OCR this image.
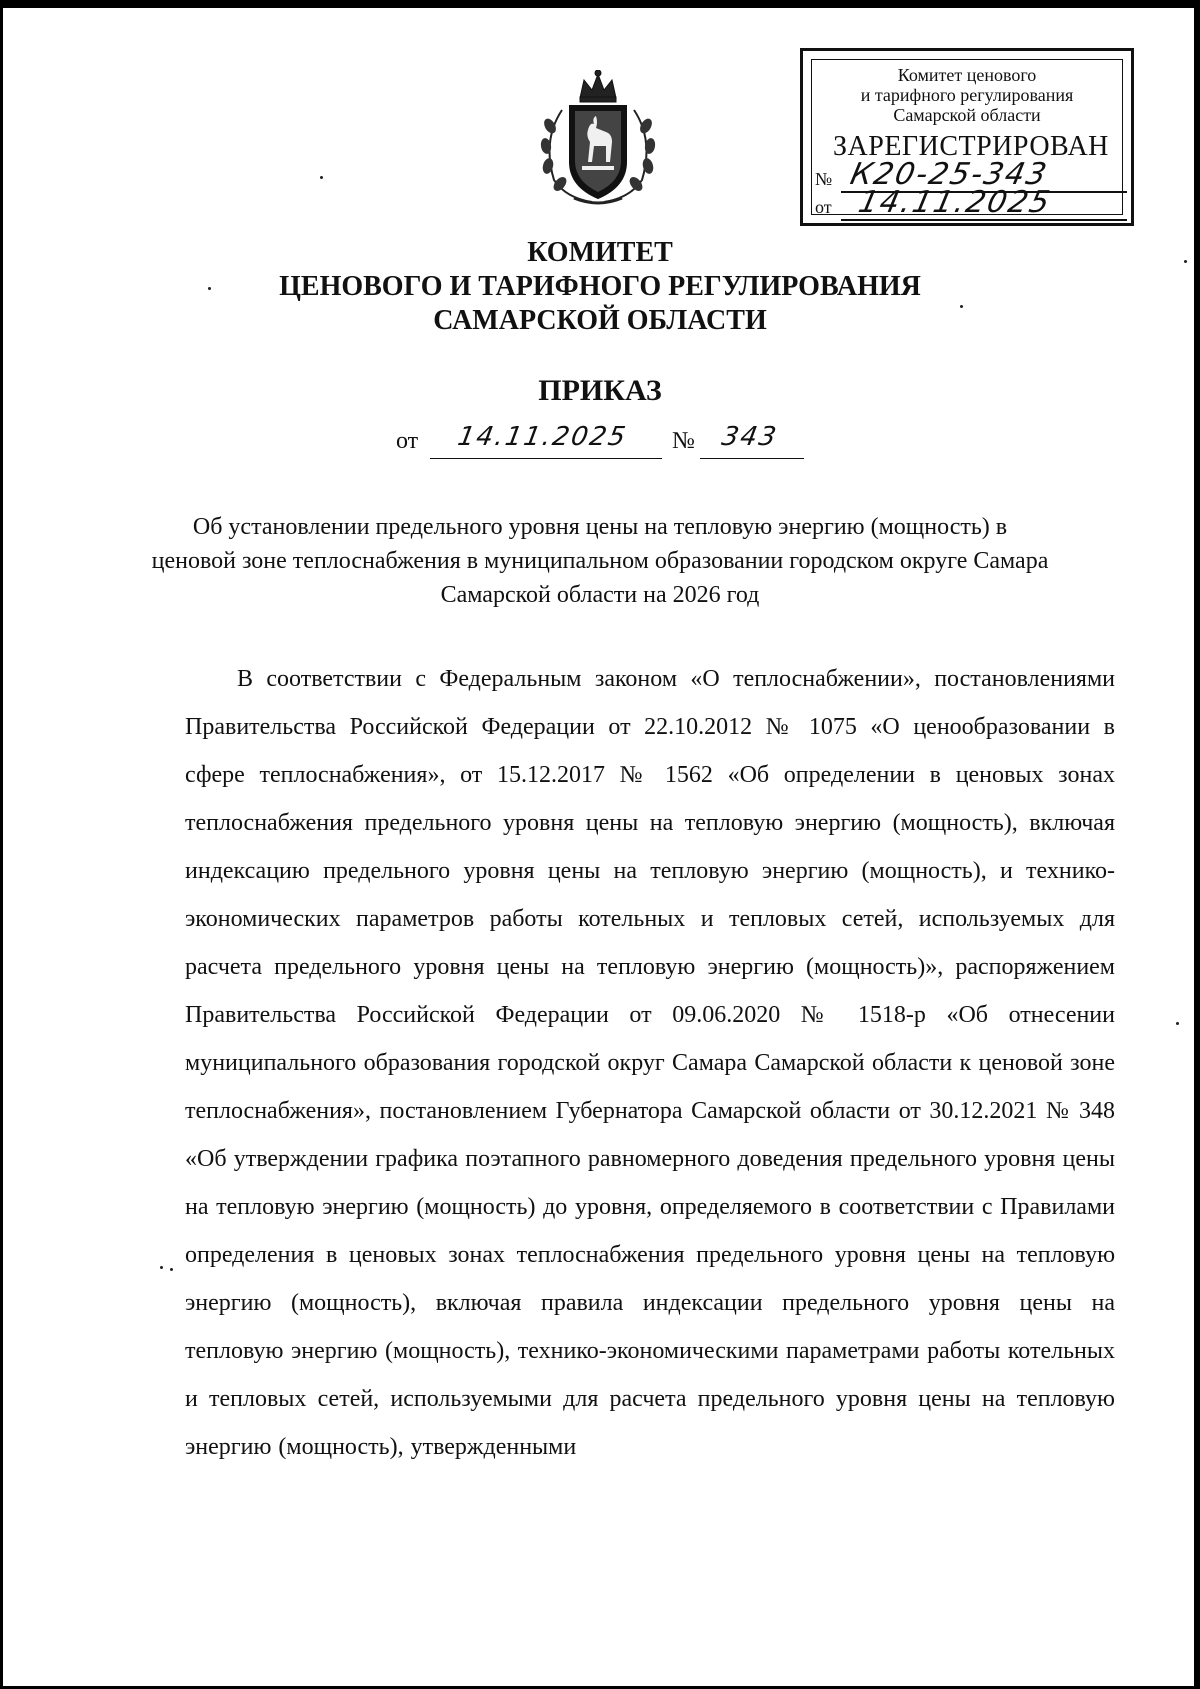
Комитет ценового
и тарифного регулирования
Самарской области
ЗАРЕГИСТРИРОВАН
№ К20-25-343
от 14.11.2025
КОМИТЕТ
ЦЕНОВОГО И ТАРИФНОГО РЕГУЛИРОВАНИЯ
САМАРСКОЙ ОБЛАСТИ
ПРИКАЗ
от 14.11.2025 № 343
Об установлении предельного уровня цены на тепловую энергию (мощность) в ценовой зоне теплоснабжения в муниципальном образовании городском округе Самара Самарской области на 2026 год
В соответствии с Федеральным законом «О теплоснабжении», постановлениями Правительства Российской Федерации от 22.10.2012 № 1075 «О ценообразовании в сфере теплоснабжения», от 15.12.2017 № 1562 «Об определении в ценовых зонах теплоснабжения предельного уровня цены на тепловую энергию (мощность), включая индексацию предельного уровня цены на тепловую энергию (мощность), и технико-экономических параметров работы котельных и тепловых сетей, используемых для расчета предельного уровня цены на тепловую энергию (мощность)», распоряжением Правительства Российской Федерации от 09.06.2020 № 1518-р «Об отнесении муниципального образования городской округ Самара Самарской области к ценовой зоне теплоснабжения», постановлением Губернатора Самарской области от 30.12.2021 № 348 «Об утверждении графика поэтапного равномерного доведения предельного уровня цены на тепловую энергию (мощность) до уровня, определяемого в соответствии с Правилами определения в ценовых зонах теплоснабжения предельного уровня цены на тепловую энергию (мощность), включая правила индексации предельного уровня цены на тепловую энергию (мощность), технико-экономическими параметрами работы котельных и тепловых сетей, используемыми для расчета предельного уровня цены на тепловую энергию (мощность), утвержденными
